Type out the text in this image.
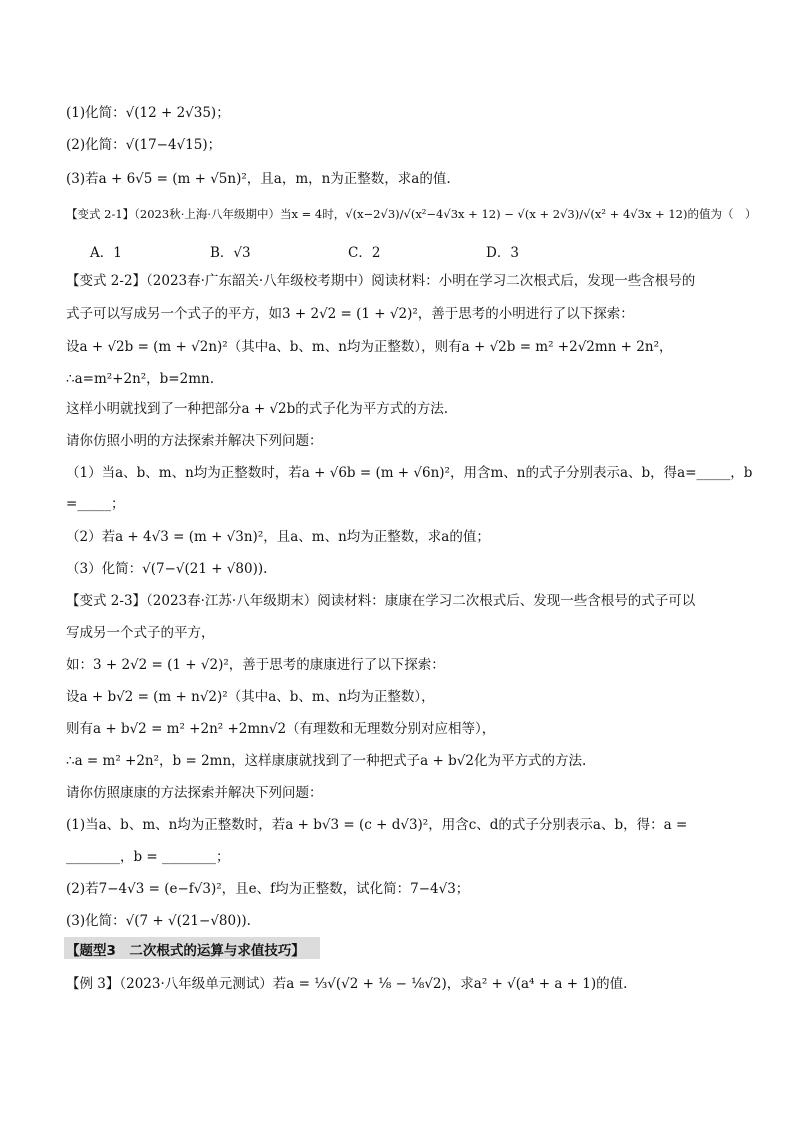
(1)化简：√(12 + 2√35)；
(2)化简：√(17−4√15)；
(3)若a + 6√5 = (m + √5n)²，且a，m，n为正整数，求a的值.
【变式 2-1】（2023秋·上海·八年级期中）当x = 4时，√(x−2√3)/√(x²−4√3x + 12) − √(x + 2√3)/√(x² + 4√3x + 12)的值为（　）
A．1	B．√3	C．2	D．3
【变式 2-2】（2023春·广东韶关·八年级校考期中）阅读材料：小明在学习二次根式后，发现一些含根号的
式子可以写成另一个式子的平方，如3 + 2√2 = (1 + √2)²，善于思考的小明进行了以下探索：
设a + √2b = (m + √2n)²（其中a、b、m、n均为正整数），则有a + √2b = m² +2√2mn + 2n²，
∴a=m²+2n²，b=2mn.
这样小明就找到了一种把部分a + √2b的式子化为平方式的方法.
请你仿照小明的方法探索并解决下列问题：
（1）当a、b、m、n均为正整数时，若a + √6b = (m + √6n)²，用含m、n的式子分别表示a、b，得a=_____，b
=_____；
（2）若a + 4√3 = (m + √3n)²，且a、m、n均为正整数，求a的值；
（3）化简：√(7−√(21 + √80)).
【变式 2-3】（2023春·江苏·八年级期末）阅读材料：康康在学习二次根式后、发现一些含根号的式子可以
写成另一个式子的平方，
如：3 + 2√2 = (1 + √2)²，善于思考的康康进行了以下探索：
设a + b√2 = (m + n√2)²（其中a、b、m、n均为正整数），
则有a + b√2 = m² +2n² +2mn√2（有理数和无理数分别对应相等），
∴a = m² +2n²，b = 2mn，这样康康就找到了一种把式子a + b√2化为平方式的方法.
请你仿照康康的方法探索并解决下列问题：
(1)当a、b、m、n均为正整数时，若a + b√3 = (c + d√3)²，用含c、d的式子分别表示a、b，得：a =
________，b = ________；
(2)若7−4√3 = (e−f√3)²，且e、f均为正整数，试化简：7−4√3；
(3)化简：√(7 + √(21−√80)).
【题型3　二次根式的运算与求值技巧】
【例 3】（2023·八年级单元测试）若a = ⅓√(√2 + ⅛ − ⅛√2)，求a² + √(a⁴ + a + 1)的值.
